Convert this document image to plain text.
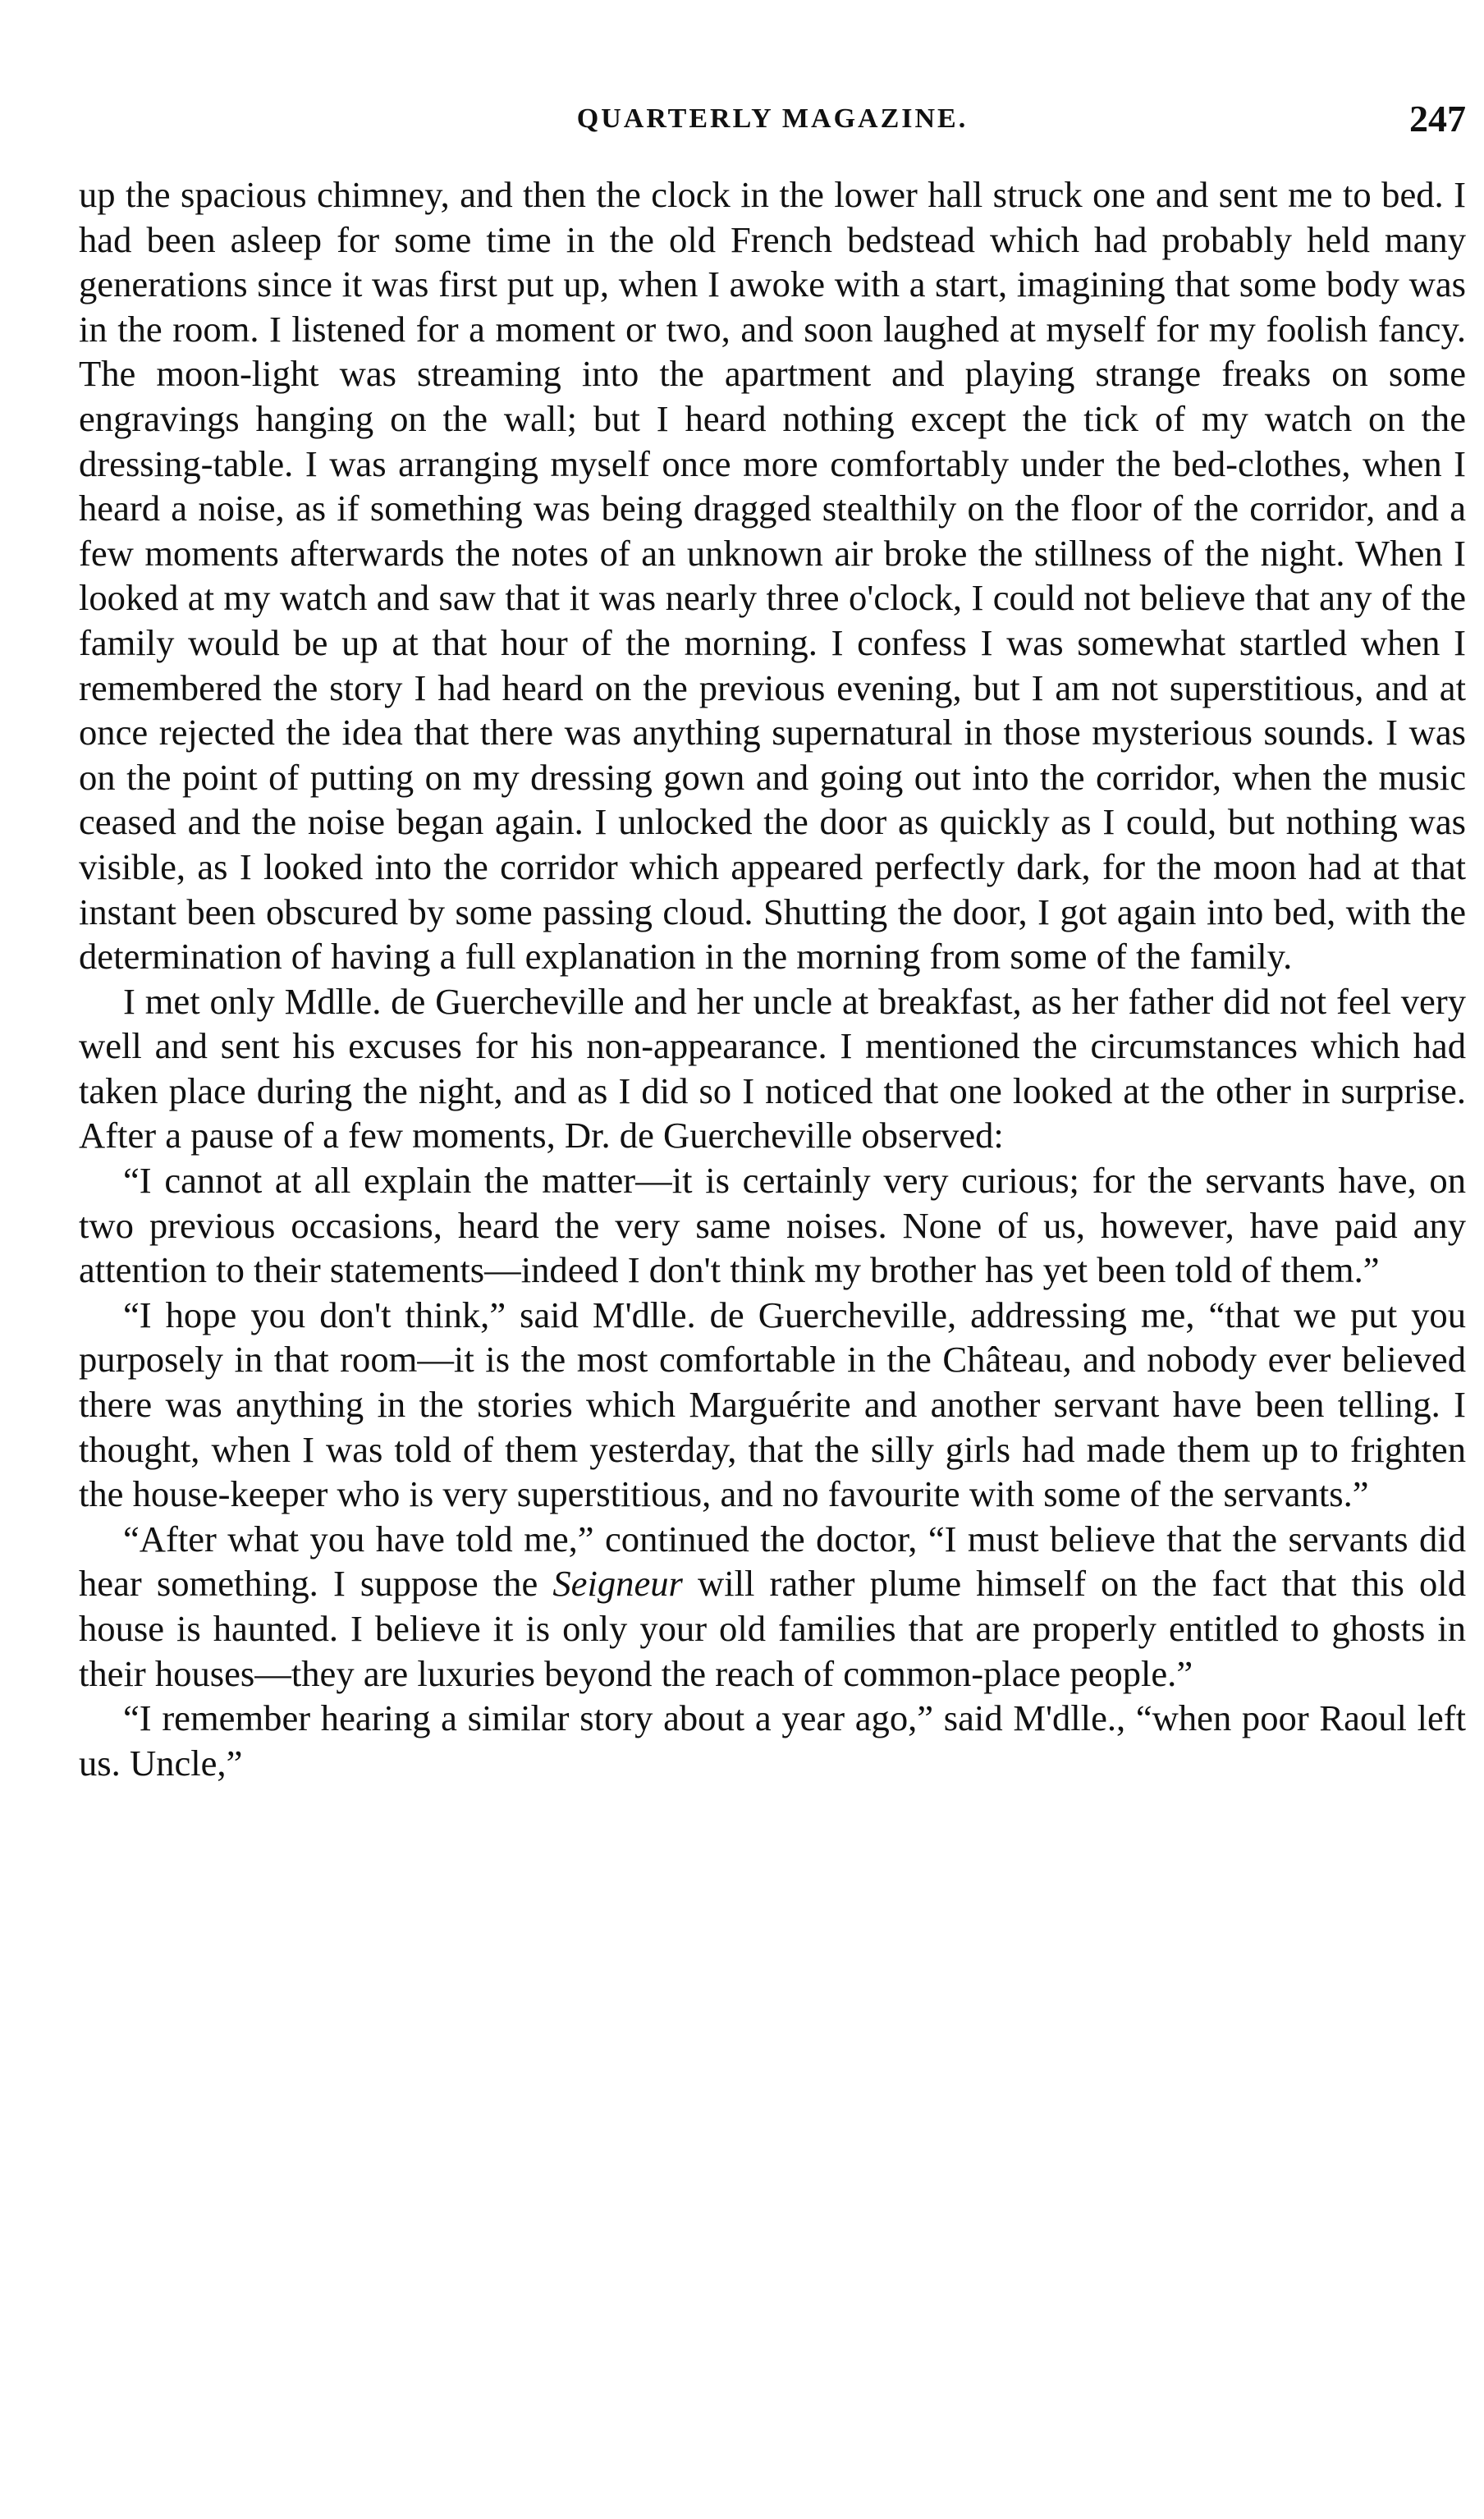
QUARTERLY MAGAZINE.	247

up the spacious chimney, and then the clock in the lower hall struck one and sent me to bed. I had been asleep for some time in the old French bedstead which had probably held many generations since it was first put up, when I awoke with a start, imagining that some body was in the room. I listened for a moment or two, and soon laughed at myself for my foolish fancy. The moon-light was streaming into the apartment and playing strange freaks on some engravings hanging on the wall; but I heard nothing except the tick of my watch on the dressing-table. I was arranging myself once more comfortably under the bed-clothes, when I heard a noise, as if something was being dragged stealthily on the floor of the corridor, and a few moments afterwards the notes of an unknown air broke the stillness of the night. When I looked at my watch and saw that it was nearly three o'clock, I could not believe that any of the family would be up at that hour of the morning. I confess I was somewhat startled when I remembered the story I had heard on the previous evening, but I am not superstitious, and at once rejected the idea that there was anything supernatural in those mysterious sounds. I was on the point of putting on my dressing gown and going out into the corridor, when the music ceased and the noise began again. I unlocked the door as quickly as I could, but nothing was visible, as I looked into the corridor which appeared perfectly dark, for the moon had at that instant been obscured by some passing cloud. Shutting the door, I got again into bed, with the determination of having a full explanation in the morning from some of the family.

I met only Mdlle. de Guercheville and her uncle at breakfast, as her father did not feel very well and sent his excuses for his non-appearance. I mentioned the circumstances which had taken place during the night, and as I did so I noticed that one looked at the other in surprise. After a pause of a few moments, Dr. de Guercheville observed:

“I cannot at all explain the matter—it is certainly very curious; for the servants have, on two previous occasions, heard the very same noises. None of us, however, have paid any attention to their statements—indeed I don't think my brother has yet been told of them.”

“I hope you don't think,” said M'dlle. de Guercheville, addressing me, “that we put you purposely in that room—it is the most comfortable in the Château, and nobody ever believed there was anything in the stories which Marguérite and another servant have been telling. I thought, when I was told of them yesterday, that the silly girls had made them up to frighten the house-keeper who is very superstitious, and no favourite with some of the servants.”

“After what you have told me,” continued the doctor, “I must believe that the servants did hear something. I suppose the Seigneur will rather plume himself on the fact that this old house is haunted. I believe it is only your old families that are properly entitled to ghosts in their houses—they are luxuries beyond the reach of common-place people.”

“I remember hearing a similar story about a year ago,” said M'dlle., “when poor Raoul left us. Uncle,”
